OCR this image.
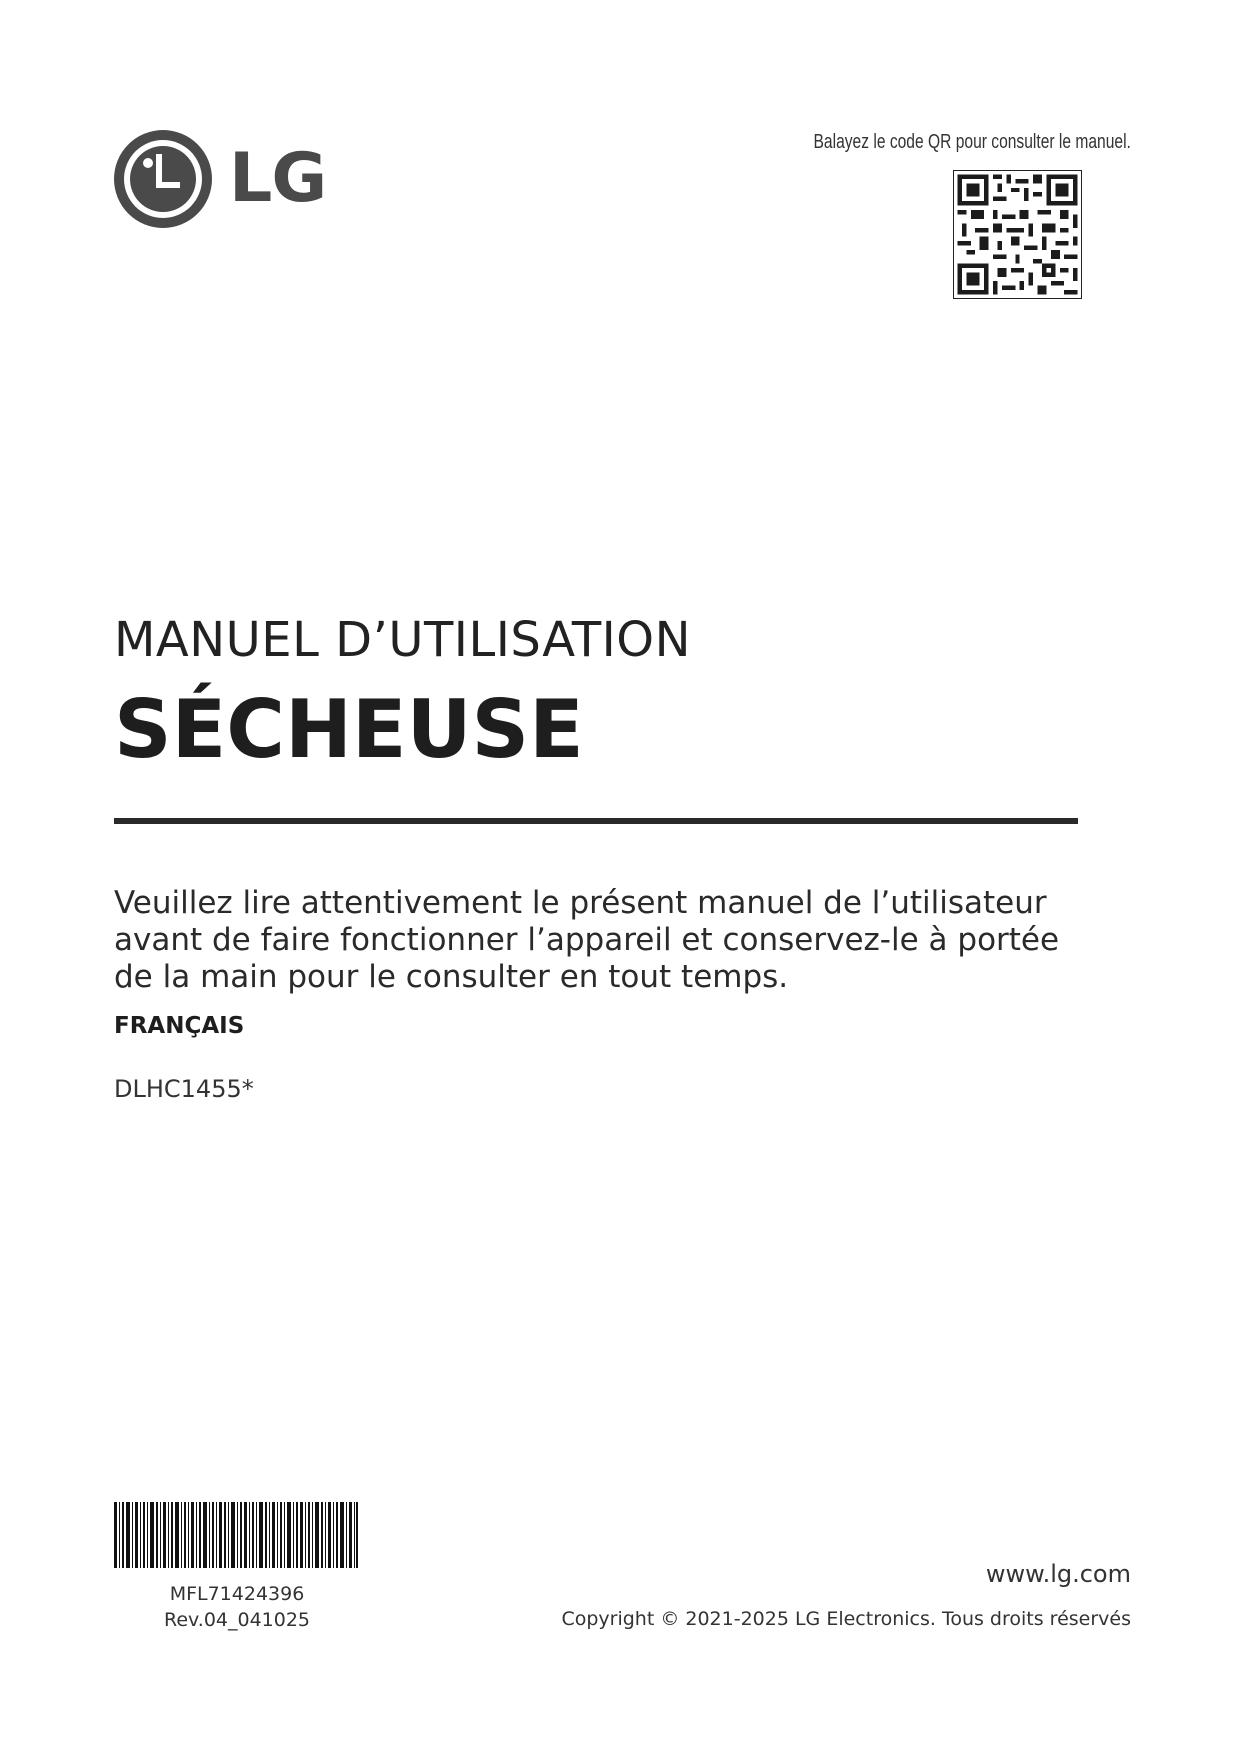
LG	Balayez le code QR pour consulter le manuel.
MANUEL D’UTILISATION
SÉCHEUSE
Veuillez lire attentivement le présent manuel de l’utilisateur avant de faire fonctionner l’appareil et conservez-le à portée de la main pour le consulter en tout temps.
FRANÇAIS
DLHC1455*
MFL71424396
Rev.04_041025
www.lg.com
Copyright © 2021-2025 LG Electronics. Tous droits réservés
